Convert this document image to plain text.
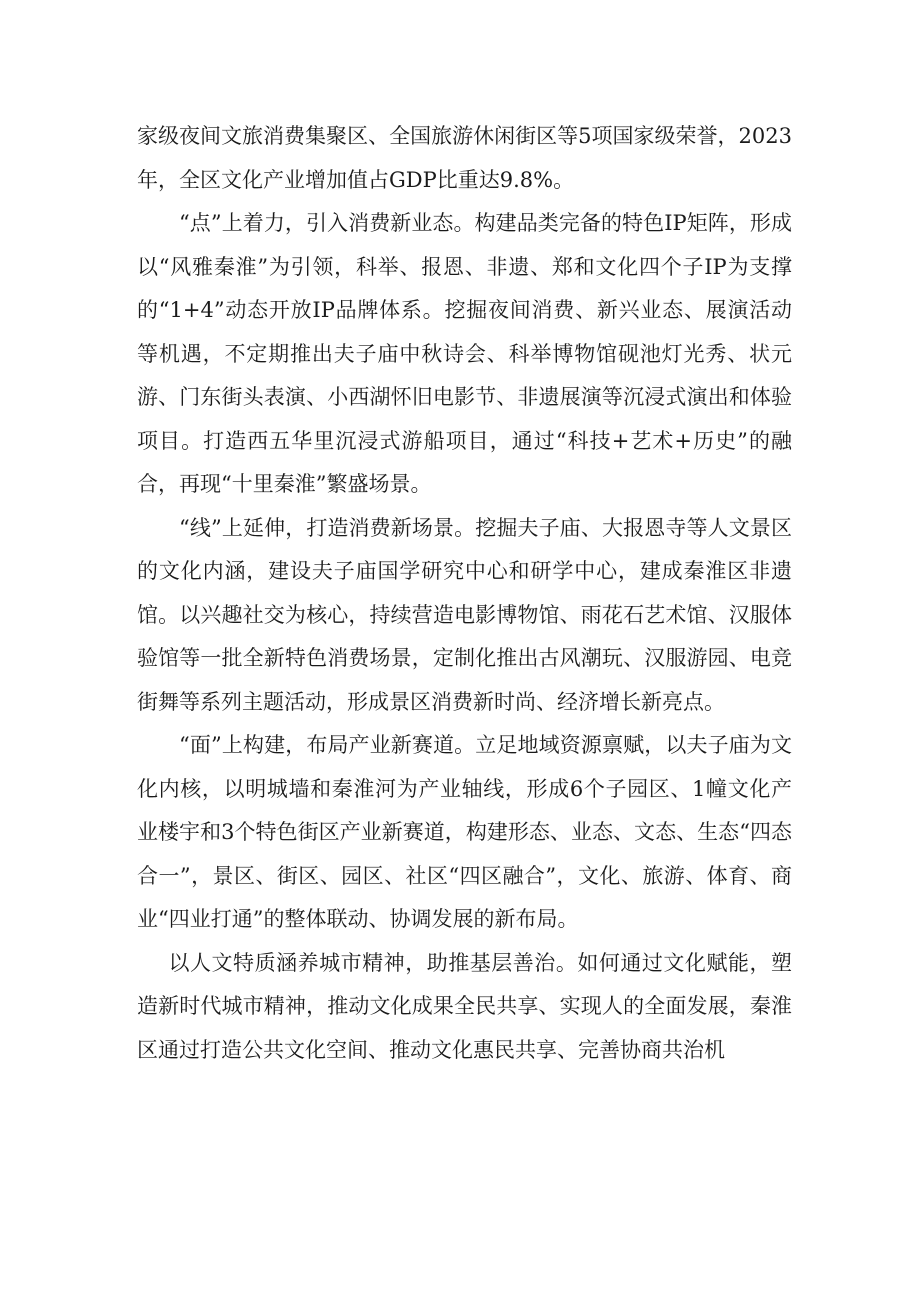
家级夜间文旅消费集聚区、全国旅游休闲街区等5项国家级荣誉，2023年，全区文化产业增加值占GDP比重达9.8%。

“点”上着力，引入消费新业态。构建品类完备的特色IP矩阵，形成以“风雅秦淮”为引领，科举、报恩、非遗、郑和文化四个子IP为支撑的“1+4”动态开放IP品牌体系。挖掘夜间消费、新兴业态、展演活动等机遇，不定期推出夫子庙中秋诗会、科举博物馆砚池灯光秀、状元游、门东街头表演、小西湖怀旧电影节、非遗展演等沉浸式演出和体验项目。打造西五华里沉浸式游船项目，通过“科技+艺术+历史”的融合，再现“十里秦淮”繁盛场景。

“线”上延伸，打造消费新场景。挖掘夫子庙、大报恩寺等人文景区的文化内涵，建设夫子庙国学研究中心和研学中心，建成秦淮区非遗馆。以兴趣社交为核心，持续营造电影博物馆、雨花石艺术馆、汉服体验馆等一批全新特色消费场景，定制化推出古风潮玩、汉服游园、电竞街舞等系列主题活动，形成景区消费新时尚、经济增长新亮点。

“面”上构建，布局产业新赛道。立足地域资源禀赋，以夫子庙为文化内核，以明城墙和秦淮河为产业轴线，形成6个子园区、1幢文化产业楼宇和3个特色街区产业新赛道，构建形态、业态、文态、生态“四态合一”，景区、街区、园区、社区“四区融合”，文化、旅游、体育、商业“四业打通”的整体联动、协调发展的新布局。

以人文特质涵养城市精神，助推基层善治。如何通过文化赋能，塑造新时代城市精神，推动文化成果全民共享、实现人的全面发展，秦淮区通过打造公共文化空间、推动文化惠民共享、完善协商共治机
